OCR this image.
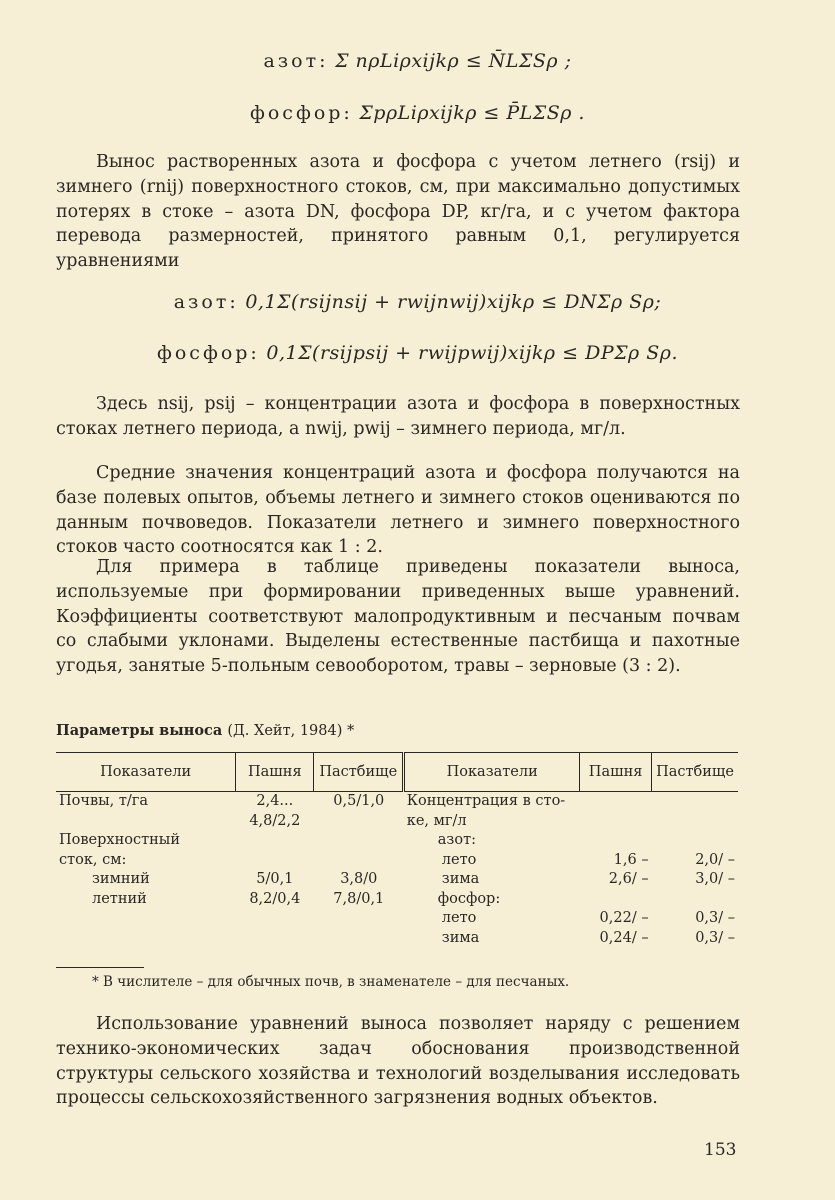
азот: Σ nρLiρxijkρ ≤ N̄LΣSρ ;
фосфор: ΣpρLiρxijkρ ≤ P̄LΣSρ .
Вынос растворенных азота и фосфора с учетом летнего (rsij) и зимнего (rnij) поверхностного стоков, см, при максимально допустимых потерях в стоке – азота DN, фосфора DP, кг/га, и с учетом фактора перевода размерностей, принятого равным 0,1, регулируется уравнениями
азот: 0,1Σ(rsijnsij + rwijnwij)xijkρ ≤ DNΣρ Sρ;
фосфор: 0,1Σ(rsijpsij + rwijpwij)xijkρ ≤ DPΣρ Sρ.
Здесь nsij, psij – концентрации азота и фосфора в поверхностных стоках летнего периода, а nwij, pwij – зимнего периода, мг/л.
Средние значения концентраций азота и фосфора получаются на базе полевых опытов, объемы летнего и зимнего стоков оцениваются по данным почвоведов. Показатели летнего и зимнего поверхностного стоков часто соотносятся как 1 : 2.
Для примера в таблице приведены показатели выноса, используемые при формировании приведенных выше уравнений. Коэффициенты соответствуют малопродуктивным и песчаным почвам со слабыми уклонами. Выделены естественные пастбища и пахотные угодья, занятые 5-польным севооборотом, травы – зерновые (3 : 2).
Параметры выноса (Д. Хейт, 1984) *
Показатели	Пашня	Пастбище	Показатели	Пашня	Пастбище
Почвы, т/га	2,4...	0,5/1,0	Концентрация в сто-		
	4,8/2,2		ке, мг/л		
Поверхностный			азот:		
сток, см:			лето	1,6 –	2,0/ –
зимний	5/0,1	3,8/0	зима	2,6/ –	3,0/ –
летний	8,2/0,4	7,8/0,1	фосфор:		
			лето	0,22/ –	0,3/ –
			зима	0,24/ –	0,3/ –
* В числителе – для обычных почв, в знаменателе – для песчаных.
Использование уравнений выноса позволяет наряду с решением технико-экономических задач обоснования производственной структуры сельского хозяйства и технологий возделывания исследовать процессы сельскохозяйственного загрязнения водных объектов.
153
